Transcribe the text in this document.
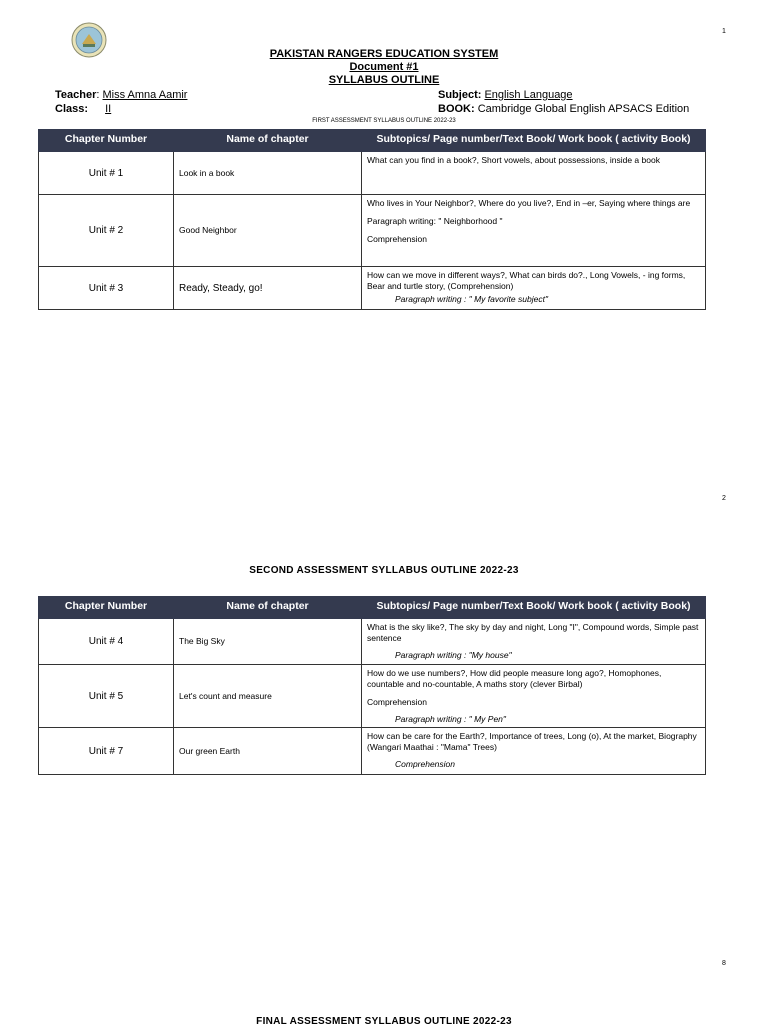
1
PAKISTAN RANGERS EDUCATION SYSTEM
Document #1
SYLLABUS OUTLINE
Teacher: Miss Amna Aamir
Class: II
Subject: English Language
BOOK: Cambridge Global English APSACS Edition
FIRST ASSESSMENT SYLLABUS OUTLINE 2022-23
Chapter Number	Name of chapter	Subtopics/ Page number/Text Book/ Work book ( activity Book)
Unit # 1	Look in a book	What can you find in a book?, Short vowels, about possessions, inside a book

Unit # 2	Good Neighbor	Who lives in Your Neighbor?, Where do you live?, End in –er, Saying where things are

Paragraph writing: " Neighborhood "

Comprehension

Unit # 3	Ready, Steady, go!	How can we move in different ways?, What can birds do?., Long Vowels, - ing forms, Bear and turtle story, (Comprehension)

Paragraph writing : " My favorite subject"

2
SECOND ASSESSMENT SYLLABUS OUTLINE 2022-23
Chapter Number	Name of chapter	Subtopics/ Page number/Text Book/ Work book ( activity Book)
Unit # 4	The Big Sky	What is the sky like?, The sky by day and night, Long "I", Compound words, Simple past sentence

Paragraph writing : "My house"

Unit # 5	Let's count and measure	How do we use numbers?, How did people measure long ago?, Homophones, countable and no-countable, A maths story (clever Birbal)

Comprehension

Paragraph writing : " My Pen"

Unit # 7	Our green Earth	How can be care for the Earth?, Importance of trees, Long (o), At the market, Biography (Wangari Maathai : "Mama" Trees)

Comprehension

8
FINAL ASSESSMENT SYLLABUS OUTLINE 2022-23
